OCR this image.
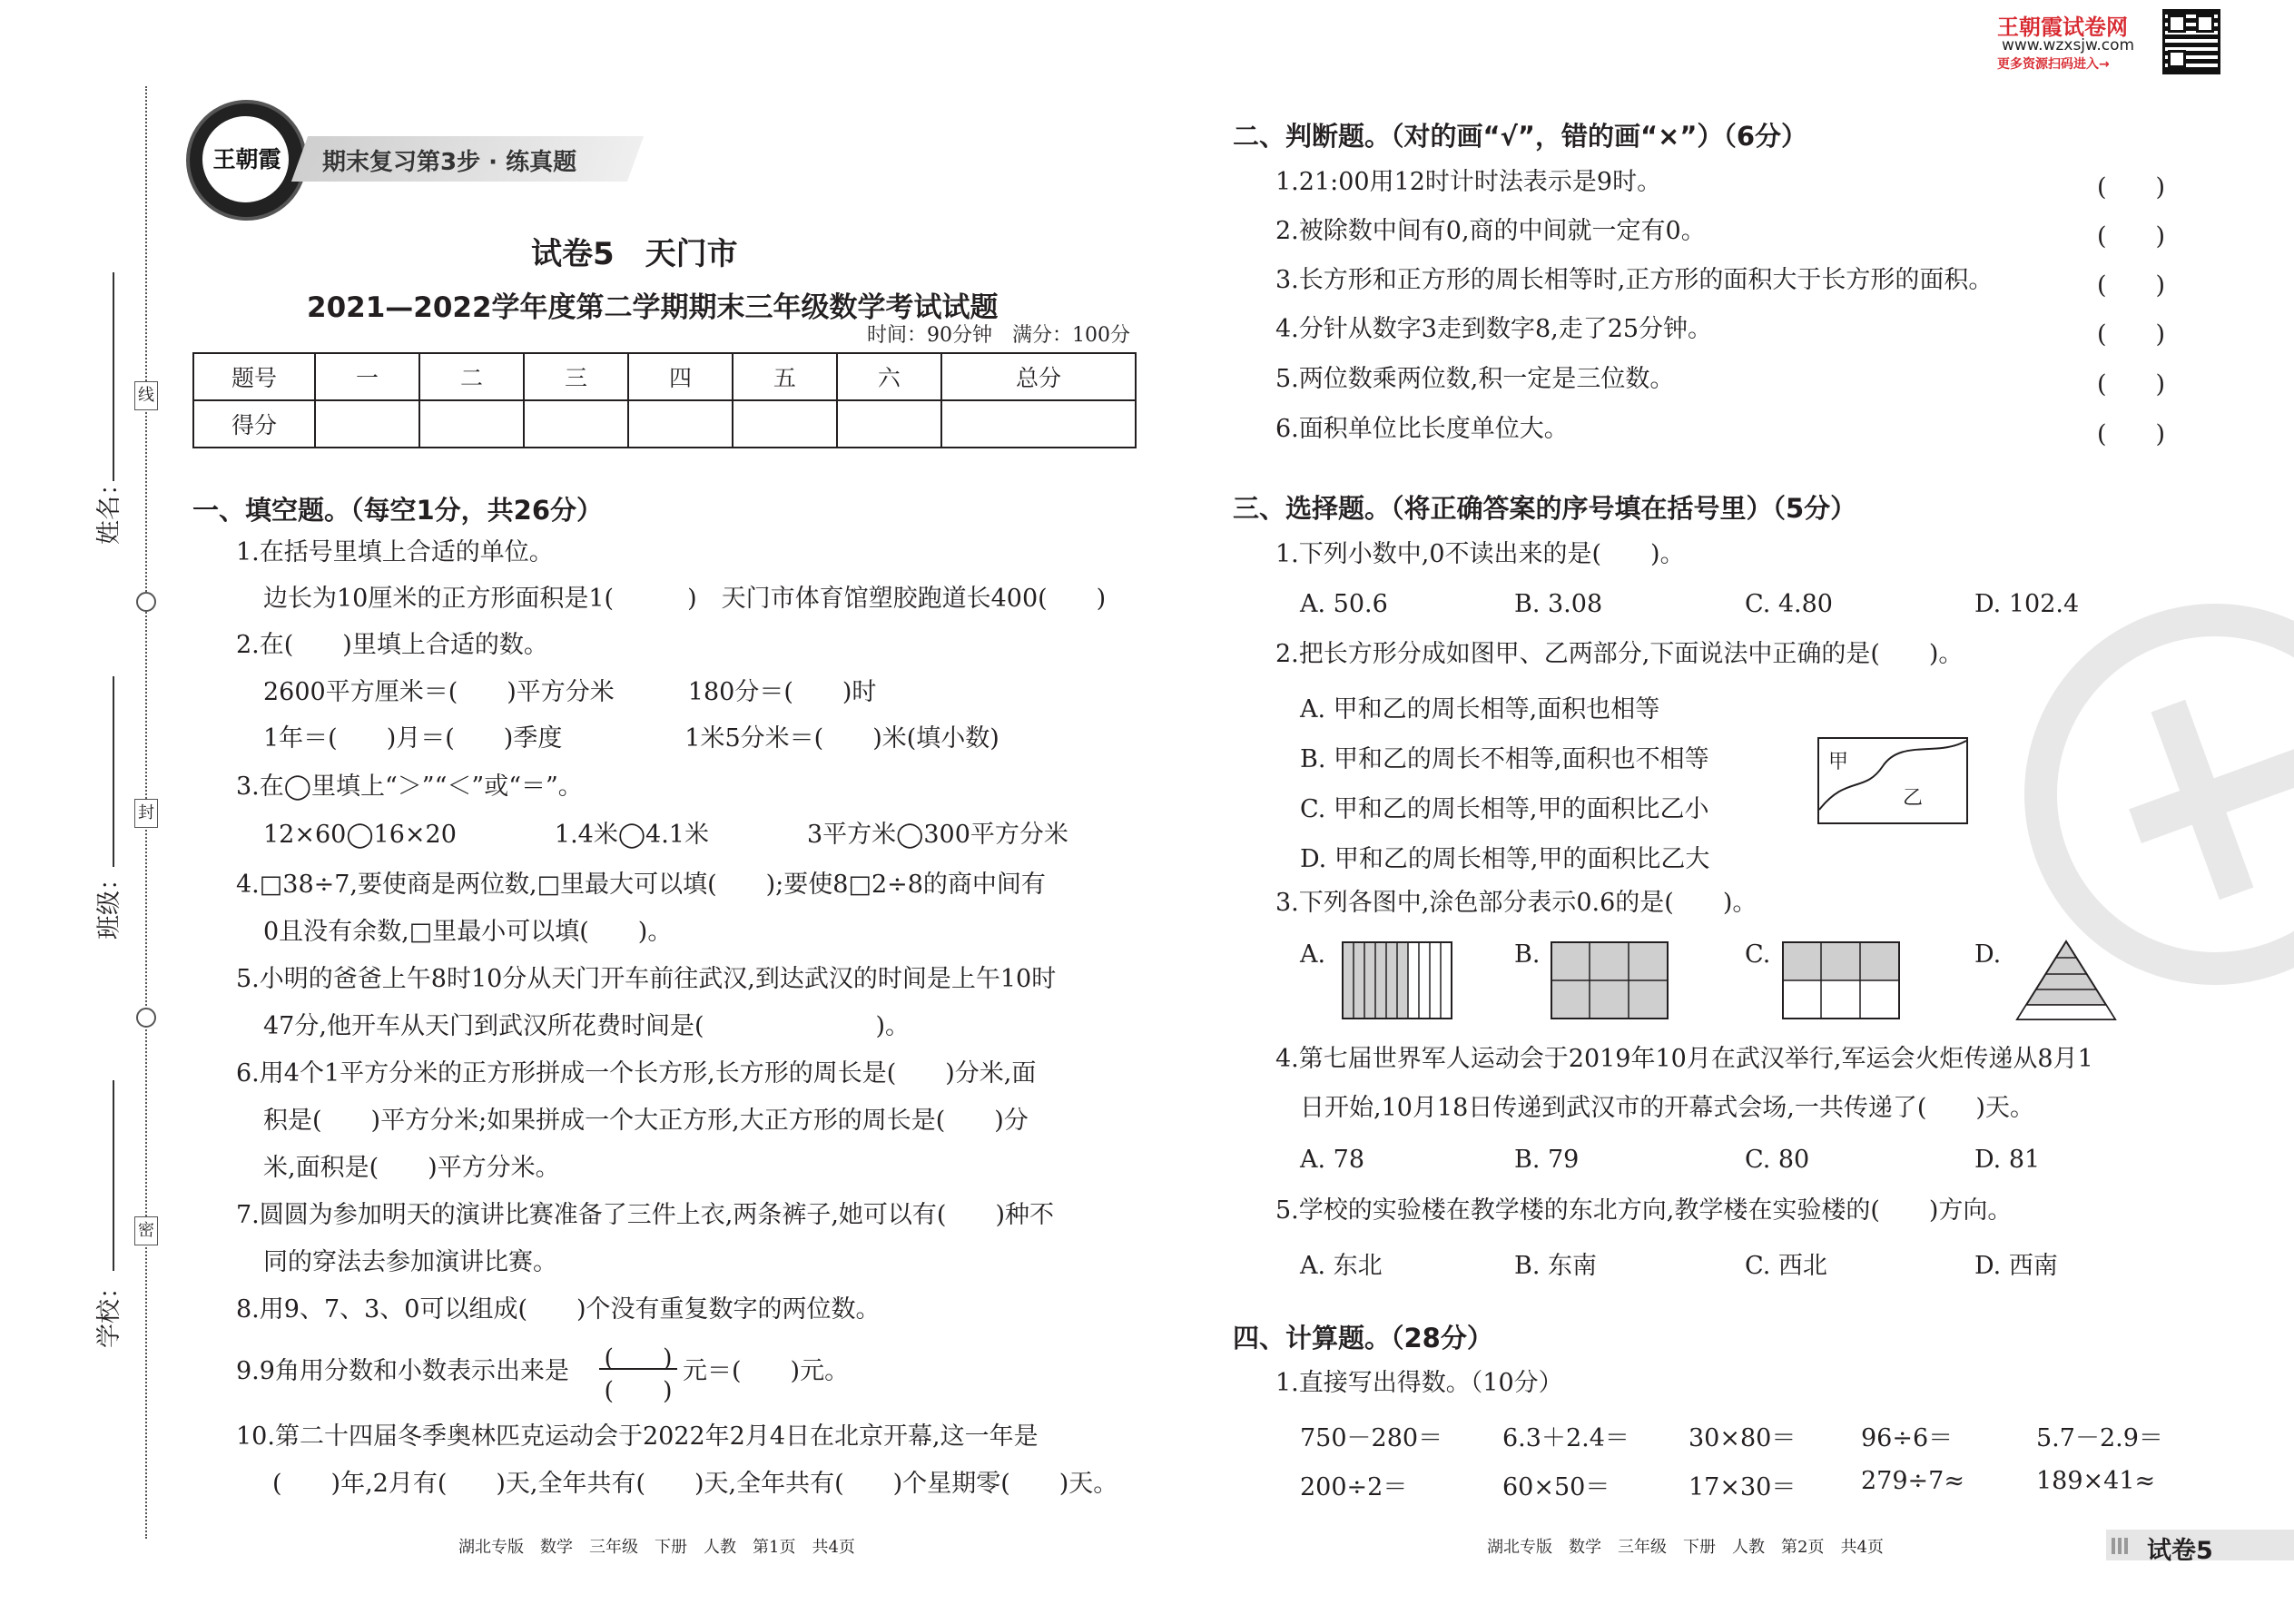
姓名：
班级：
学校：
线
封
密
王朝霞	期末复习第3步 · 练真题
王朝霞试卷网
www.wzxsjw.com
更多资源扫码进入→
试卷5　天门市
2021—2022学年度第二学期期末三年级数学考试试题
时间：90分钟　满分：100分
题号	一	二	三	四	五	六	总分
得分							
一、填空题。（每空1分，共26分）
1.在括号里填上合适的单位。
边长为10厘米的正方形面积是1(　　　)　天门市体育馆塑胶跑道长400(　　)
2.在(　　)里填上合适的数。
2600平方厘米＝(　　)平方分米　　　180分＝(　　)时
1年＝(　　)月＝(　　)季度　　　　　1米5分米＝(　　)米(填小数)
3.在◯里填上“＞”“＜”或“＝”。
12×60◯16×20　　　　1.4米◯4.1米　　　　3平方米◯300平方分米
4.□38÷7,要使商是两位数,□里最大可以填(　　);要使8□2÷8的商中间有
0且没有余数,□里最小可以填(　　)。
5.小明的爸爸上午8时10分从天门开车前往武汉,到达武汉的时间是上午10时
47分,他开车从天门到武汉所花费时间是(　　　　　　　)。
6.用4个1平方分米的正方形拼成一个长方形,长方形的周长是(　　)分米,面
积是(　　)平方分米;如果拼成一个大正方形,大正方形的周长是(　　)分
米,面积是(　　)平方分米。
7.圆圆为参加明天的演讲比赛准备了三件上衣,两条裤子,她可以有(　　)种不
同的穿法去参加演讲比赛。
8.用9、7、3、0可以组成(　　)个没有重复数字的两位数。
9.9角用分数和小数表示出来是 (　　)
(　　)
元＝(　　)元。
10.第二十四届冬季奥林匹克运动会于2022年2月4日在北京开幕,这一年是
(　　)年,2月有(　　)天,全年共有(　　)天,全年共有(　　)个星期零(　　)天。
二、判断题。（对的画“√”，错的画“×”）（6分）
1.21:00用12时计时法表示是9时。	(　　)
2.被除数中间有0,商的中间就一定有0。	(　　)
3.长方形和正方形的周长相等时,正方形的面积大于长方形的面积。	(　　)
4.分针从数字3走到数字8,走了25分钟。	(　　)
5.两位数乘两位数,积一定是三位数。	(　　)
6.面积单位比长度单位大。	(　　)
三、选择题。（将正确答案的序号填在括号里）（5分）
1.下列小数中,0不读出来的是(　　)。
A. 50.6	B. 3.08	C. 4.80	D. 102.4
2.把长方形分成如图甲、乙两部分,下面说法中正确的是(　　)。
A. 甲和乙的周长相等,面积也相等
B. 甲和乙的周长不相等,面积也不相等
C. 甲和乙的周长相等,甲的面积比乙小
D. 甲和乙的周长相等,甲的面积比乙大
甲
乙
3.下列各图中,涂色部分表示0.6的是(　　)。
A.	B.	C.	D.
4.第七届世界军人运动会于2019年10月在武汉举行,军运会火炬传递从8月1
日开始,10月18日传递到武汉市的开幕式会场,一共传递了(　　)天。
A. 78	B. 79	C. 80	D. 81
5.学校的实验楼在教学楼的东北方向,教学楼在实验楼的(　　)方向。
A. 东北	B. 东南	C. 西北	D. 西南
四、计算题。（28分）
1.直接写出得数。（10分）
750－280＝ 6.3＋2.4＝ 30×80＝	96÷6＝	5.7－2.9＝
200÷2＝	60×50＝	17×30＝	279÷7≈	189×41≈
湖北专版　数学　三年级　下册　人教　第1页　共4页	湖北专版　数学　三年级　下册　人教　第2页　共4页	试卷5
